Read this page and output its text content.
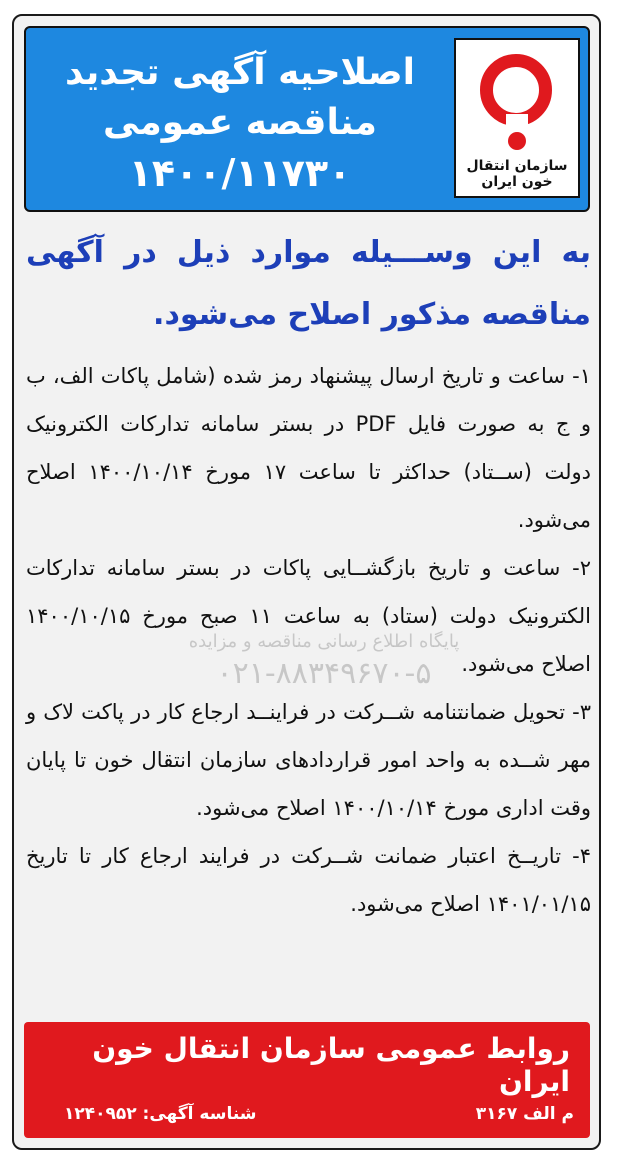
سازمان انتقال خون ایران
اصلاحیه آگهی تجدید
مناقصه عمومی
۱۴۰۰/۱۱۷۳۰
پایگاه اطلاع رسانی مناقصه و مزایده
۰۲۱-۸۸۳۴۹۶۷۰-۵

به این وســـیله موارد ذیل در آگهی مناقصه مذکور اصلاح می‌شود.

۱- ساعت و تاریخ ارسال پیشنهاد رمز شده (شامل پاکات الف، ب و ج به صورت فایل PDF در بستر سامانه تدارکات الکترونیک دولت (ســتاد) حداکثر تا ساعت ۱۷ مورخ ۱۴۰۰/۱۰/۱۴ اصلاح می‌شود.

۲- ساعت و تاریخ بازگشــایی پاکات در بستر سامانه تدارکات الکترونیک دولت (ستاد) به ساعت ۱۱ صبح مورخ ۱۴۰۰/۱۰/۱۵ اصلاح می‌شود.

۳- تحویل ضمانتنامه شــرکت در فراینــد ارجاع کار در پاکت لاک و مهر شــده به واحد امور قراردادهای سازمان انتقال خون تا پایان وقت اداری مورخ ۱۴۰۰/۱۰/۱۴ اصلاح می‌شود.

۴- تاریــخ اعتبار ضمانت شــرکت در فرایند ارجاع کار تا تاریخ ۱۴۰۱/۰۱/۱۵ اصلاح می‌شود.

روابط عمومی سازمان انتقال خون ایران
م الف ۳۱۶۷
شناسه آگهی: ۱۲۴۰۹۵۲
